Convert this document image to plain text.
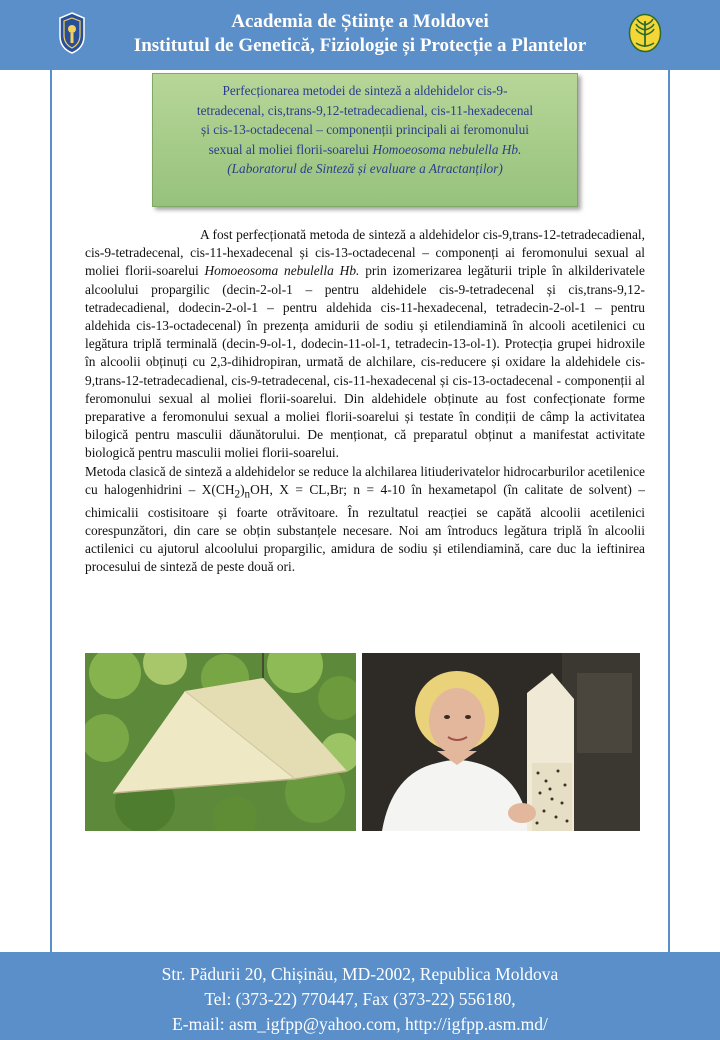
Academia de Științe a Moldovei
Institutul de Genetică, Fiziologie și Protecție a Plantelor
Perfecționarea metodei de sinteză a aldehidelor cis-9-
tetradecenal, cis,trans-9,12-tetradecadienal, cis-11-hexadecenal
și cis-13-octadecenal – componenții principali ai feromonului
sexual al moliei florii-soarelui Homoeosoma nebulella Hb.
(Laboratorul de Sinteză și evaluare a Atractanților)

A fost perfecționată metoda de sinteză a aldehidelor cis-9,trans-12-tetradecadienal, cis-9-tetradecenal, cis-11-hexadecenal și cis-13-octadecenal – componenți ai feromonului sexual al moliei florii-soarelui Homoeosoma nebulella Hb. prin izomerizarea legăturii triple în alkilderivatele alcoolului propargilic (decin-2-ol-1 – pentru aldehidele cis-9-tetradecenal și cis,trans-9,12-tetradecadienal, dodecin-2-ol-1 – pentru aldehida cis-11-hexadecenal, tetradecin-2-ol-1 – pentru aldehida cis-13-octadecenal) în prezența amidurii de sodiu și etilendiamină în alcooli acetilenici cu legătura triplă terminală (decin-9-ol-1, dodecin-11-ol-1, tetradecin-13-ol-1). Protecția grupei hidroxile în alcoolii obținuți cu 2,3-dihidropiran, urmată de alchilare, cis-reducere și oxidare la aldehidele cis-9,trans-12-tetradecadienal, cis-9-tetradecenal, cis-11-hexadecenal și cis-13-octadecenal - componenții al feromonului sexual al moliei florii-soarelui. Din aldehidele obținute au fost confecționate forme preparative a feromonului sexual a moliei florii-soarelui și testate în condiții de câmp la activitatea bilogică pentru masculii dăunătorului. De menționat, că preparatul obținut a manifestat activitate biologică pentru masculii moliei florii-soarelui.

Metoda clasică de sinteză a aldehidelor se reduce la alchilarea litiuderivatelor hidrocarburilor acetilenice cu halogenhidrini – $X(CH_2)_nOH$, X = CL,Br; n = 4-10 în hexametapol (în calitate de solvent) – chimicalii costisitoare și foarte otrăvitoare. În rezultatul reacției se capătă alcoolii acetilenici corespunzători, din care se obțin substanțele necesare. Noi am întroducs legătura triplă în alcoolii actilenici cu ajutorul alcoolului propargilic, amidura de sodiu și etilendiamină, care duc la ieftinirea procesului de sinteză de peste două ori.

Str. Pădurii 20, Chișinău, MD-2002, Republica Moldova
Tel: (373-22) 770447, Fax (373-22) 556180,
E-mail: asm_igfpp@yahoo.com, http://igfpp.asm.md/
